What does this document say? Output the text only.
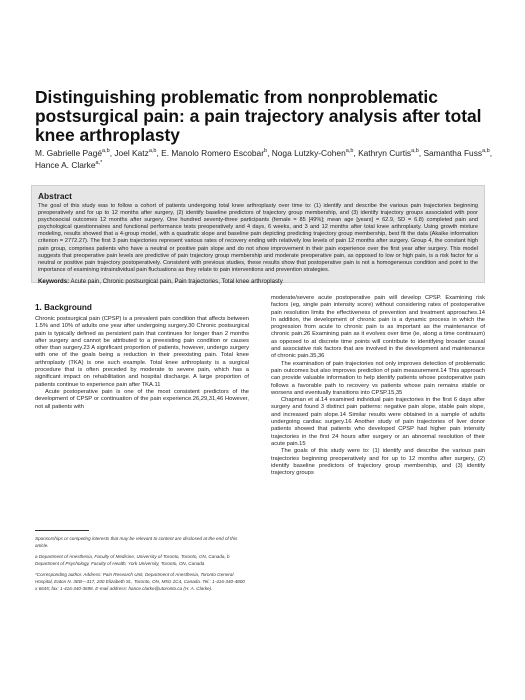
Distinguishing problematic from nonproblematic postsurgical pain: a pain trajectory analysis after total knee arthroplasty
M. Gabrielle Pagé$^{a,b}$, Joel Katz$^{a,b}$, E. Manolo Romero Escobar$^b$, Noga Lutzky-Cohen$^{a,b}$, Kathryn Curtis$^{a,b}$, Samantha Fuss$^{a,b}$, Hance A. Clarke$^{a,*}$
Abstract

The goal of this study was to follow a cohort of patients undergoing total knee arthroplasty over time to: (1) identify and describe the various pain trajectories beginning preoperatively and for up to 12 months after surgery, (2) identify baseline predictors of trajectory group membership, and (3) identify trajectory groups associated with poor psychosocial outcomes 12 months after surgery. One hundred seventy-three participants (female = 85 [49%]; mean age [years] = 62.9, SD = 6.8) completed pain and psychological questionnaires and functional performance tests preoperatively and 4 days, 6 weeks, and 3 and 12 months after total knee arthroplasty. Using growth mixture modeling, results showed that a 4-group model, with a quadratic slope and baseline pain depicting predicting trajectory group membership, best fit the data (Akaike information criterion = 2772.27). The first 3 pain trajectories represent various rates of recovery ending with relatively low levels of pain 12 months after surgery. Group 4, the constant high pain group, comprises patients who have a neutral or positive pain slope and do not show improvement in their pain experience over the first year after surgery. This model suggests that preoperative pain levels are predictive of pain trajectory group membership and moderate preoperative pain, as opposed to low or high pain, is a risk factor for a neutral or positive pain trajectory postoperatively. Consistent with previous studies, these results show that postoperative pain is not a homogeneous condition and point to the importance of examining intraindividual pain fluctuations as they relate to pain interventions and prevention strategies.

Keywords: Acute pain, Chronic postsurgical pain, Pain trajectories, Total knee arthroplasty

1. Background

Chronic postsurgical pain (CPSP) is a prevalent pain condition that affects between 1.5% and 10% of adults one year after undergoing surgery.30 Chronic postsurgical pain is typically defined as persistent pain that continues for longer than 2 months after surgery and cannot be attributed to a preexisting pain condition or causes other than surgery.23 A significant proportion of patients, however, undergo surgery with one of the goals being a reduction in their preexisting pain. Total knee arthroplasty (TKA) is one such example. Total knee arthroplasty is a surgical procedure that is often preceded by moderate to severe pain, which has a significant impact on rehabilitation and hospital discharge. A large proportion of patients continue to experience pain after TKA.11

Acute postoperative pain is one of the most consistent predictors of the development of CPSP or continuation of the pain experience.26,29,31,46 However, not all patients with

Sponsorships or competing interests that may be relevant to content are disclosed at the end of this article.

a Department of Anesthesia, Faculty of Medicine, University of Toronto, Toronto, ON, Canada, b Department of Psychology, Faculty of Health, York University, Toronto, ON, Canada

*Corresponding author. Address: Pain Research Unit, Department of Anesthesia, Toronto General Hospital, Eaton N. 3EB—317, 200 Elizabeth St., Toronto, ON, M5G 2C4, Canada. Tel.: 1-416-340-4800 x 6645; fax: 1-416-340-3698. E-mail address: hance.clarke@utoronto.ca (H. A. Clarke).

moderate/severe acute postoperative pain will develop CPSP. Examining risk factors (eg, single pain intensity score) without considering rates of postoperative pain resolution limits the effectiveness of prevention and treatment approaches.14 In addition, the development of chronic pain is a dynamic process in which the progression from acute to chronic pain is as important as the maintenance of chronic pain.26 Examining pain as it evolves over time (ie, along a time continuum) as opposed to at discrete time points will contribute to identifying broader causal and associative risk factors that are involved in the development and maintenance of chronic pain.35,36

The examination of pain trajectories not only improves detection of problematic pain outcomes but also improves prediction of pain measurement.14 This approach can provide valuable information to help identify patients whose postoperative pain follows a favorable path to recovery vs patients whose pain remains stable or worsens and eventually transitions into CPSP.15,35

Chapman et al.14 examined individual pain trajectories in the first 6 days after surgery and found 3 distinct pain patterns: negative pain slope, stable pain slope, and increased pain slope.14 Similar results were obtained in a sample of adults undergoing cardiac surgery.16 Another study of pain trajectories of liver donor patients showed that patients who developed CPSP had higher pain intensity trajectories in the first 24 hours after surgery or an abnormal resolution of their acute pain.15

The goals of this study were to: (1) identify and describe the various pain trajectories beginning preoperatively and for up to 12 months after surgery, (2) identify baseline predictors of trajectory group membership, and (3) identify trajectory groups
